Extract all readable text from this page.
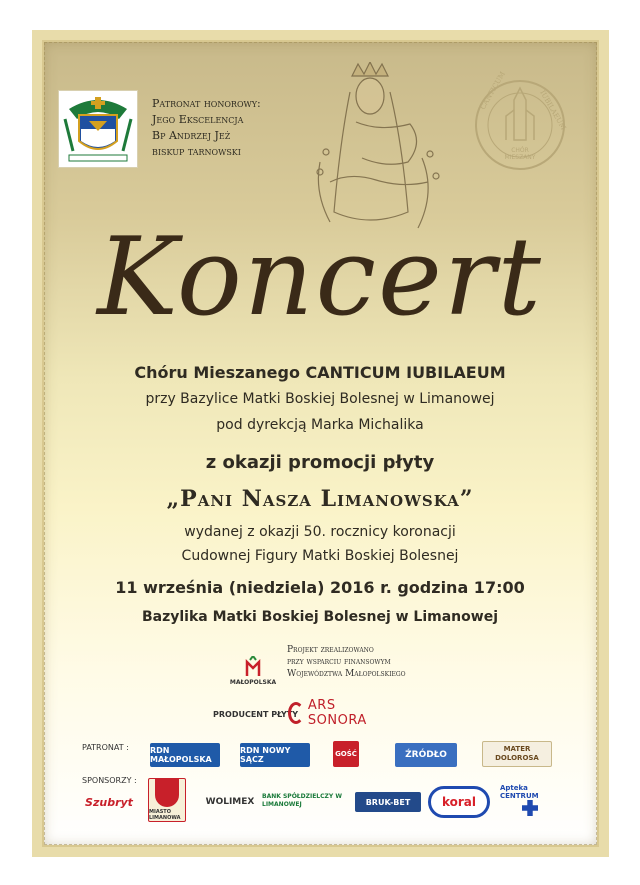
Patronat honorowy:
Jego Ekscelencja
Bp Andrzej Jeż
biskup tarnowski	CHÓR
MIESZANY
CANTICUM	IUBILAEUM
Koncert
Chóru Mieszanego CANTICUM IUBILAEUM
przy Bazylice Matki Boskiej Bolesnej w Limanowej
pod dyrekcją Marka Michalika
z okazji promocji płyty
„Pani Nasza Limanowska”
wydanej z okazji 50. rocznicy koronacji
Cudownej Figury Matki Boskiej Bolesnej
11 września (niedziela) 2016 r. godzina 17:00
Bazylika Matki Boskiej Bolesnej w Limanowej
MAŁOPOLSKA
Projekt zrealizowano
przy wsparciu finansowym
Województwa Małopolskiego
PRODUCENT PŁYTY
ARS SONORA
PATRONAT :	RDN MAŁOPOLSKA
RDN NOWY SĄCZ
GOŚĆ	ŹRÓDŁO
MATER DOLOROSA
SPONSORZY :
Szubryt
MIASTO LIMANOWA
WOLIMEX
BANK SPÓŁDZIELCZY W LIMANOWEJ	BRUK-BET	koral
Apteka CENTRUM
